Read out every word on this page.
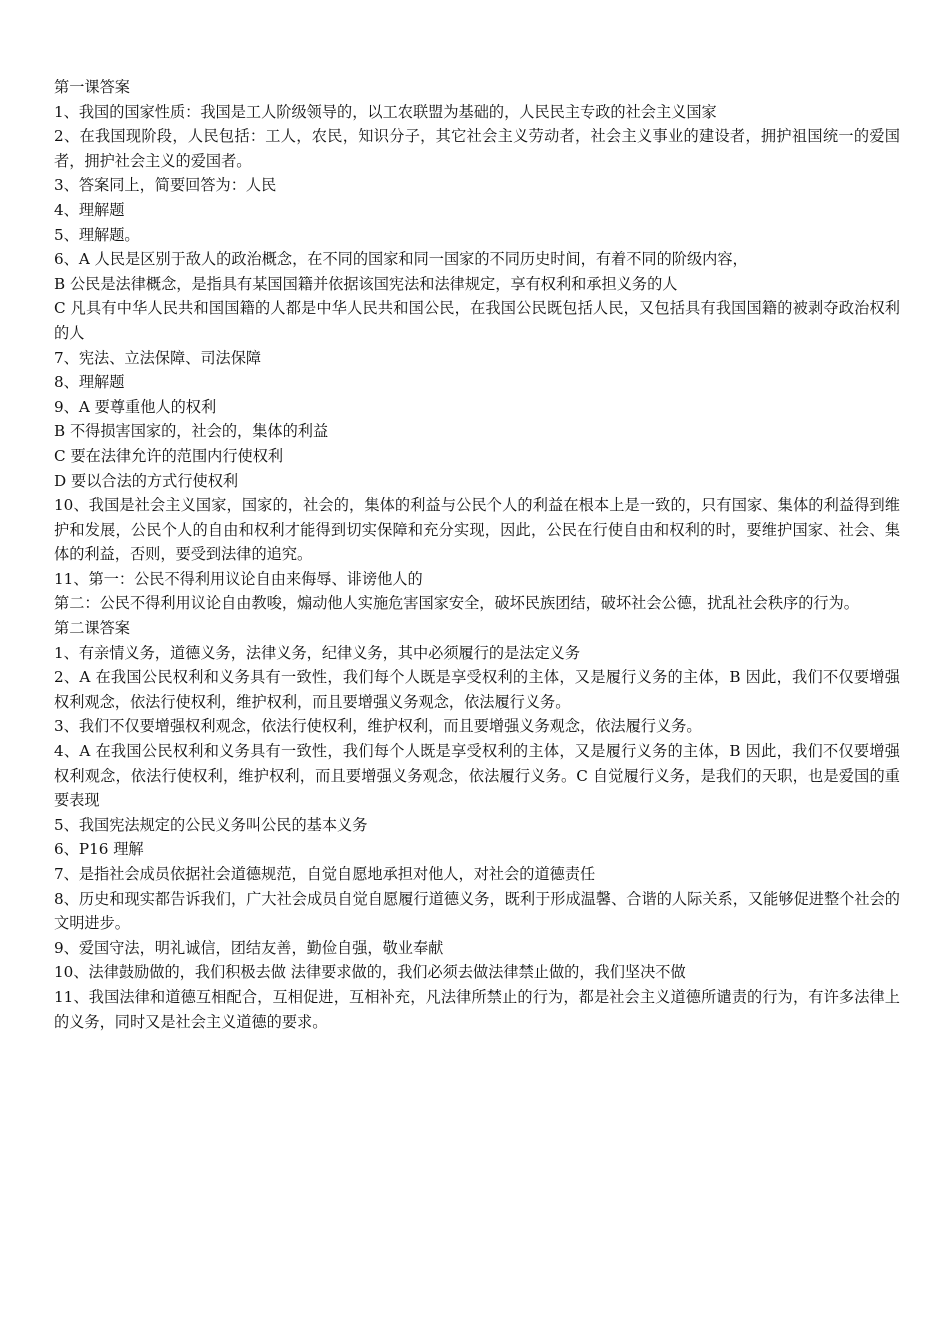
第一课答案

1、我国的国家性质：我国是工人阶级领导的，以工农联盟为基础的，人民民主专政的社会主义国家

2、在我国现阶段，人民包括：工人，农民，知识分子，其它社会主义劳动者，社会主义事业的建设者，拥护祖国统一的爱国者，拥护社会主义的爱国者。

3、答案同上，简要回答为：人民

4、理解题

5、理解题。

6、A 人民是区别于敌人的政治概念，在不同的国家和同一国家的不同历史时间，有着不同的阶级内容，

B 公民是法律概念，是指具有某国国籍并依据该国宪法和法律规定，享有权利和承担义务的人

C 凡具有中华人民共和国国籍的人都是中华人民共和国公民，在我国公民既包括人民，又包括具有我国国籍的被剥夺政治权利的人

7、宪法、立法保障、司法保障

8、理解题

9、A 要尊重他人的权利

B 不得损害国家的，社会的，集体的利益

C 要在法律允许的范围内行使权利

D 要以合法的方式行使权利

10、我国是社会主义国家，国家的，社会的，集体的利益与公民个人的利益在根本上是一致的，只有国家、集体的利益得到维护和发展，公民个人的自由和权利才能得到切实保障和充分实现，因此，公民在行使自由和权利的时，要维护国家、社会、集体的利益，否则，要受到法律的追究。

11、第一：公民不得利用议论自由来侮辱、诽谤他人的

第二：公民不得利用议论自由教唆，煽动他人实施危害国家安全，破坏民族团结，破坏社会公德，扰乱社会秩序的行为。

第二课答案

1、有亲情义务，道德义务，法律义务，纪律义务，其中必须履行的是法定义务

2、A 在我国公民权利和义务具有一致性，我们每个人既是享受权利的主体，又是履行义务的主体，B 因此，我们不仅要增强权利观念，依法行使权利，维护权利，而且要增强义务观念，依法履行义务。

3、我们不仅要增强权利观念，依法行使权利，维护权利，而且要增强义务观念，依法履行义务。

4、A 在我国公民权利和义务具有一致性，我们每个人既是享受权利的主体，又是履行义务的主体，B 因此，我们不仅要增强权利观念，依法行使权利，维护权利，而且要增强义务观念，依法履行义务。C 自觉履行义务，是我们的天职，也是爱国的重要表现

5、我国宪法规定的公民义务叫公民的基本义务

6、P16 理解

7、是指社会成员依据社会道德规范，自觉自愿地承担对他人，对社会的道德责任

8、历史和现实都告诉我们，广大社会成员自觉自愿履行道德义务，既利于形成温馨、合谐的人际关系，又能够促进整个社会的文明进步。

9、爱国守法，明礼诚信，团结友善，勤俭自强，敬业奉献

10、法律鼓励做的，我们积极去做 法律要求做的，我们必须去做法律禁止做的，我们坚决不做

11、我国法律和道德互相配合，互相促进，互相补充，凡法律所禁止的行为，都是社会主义道德所谴责的行为，有许多法律上的义务，同时又是社会主义道德的要求。
